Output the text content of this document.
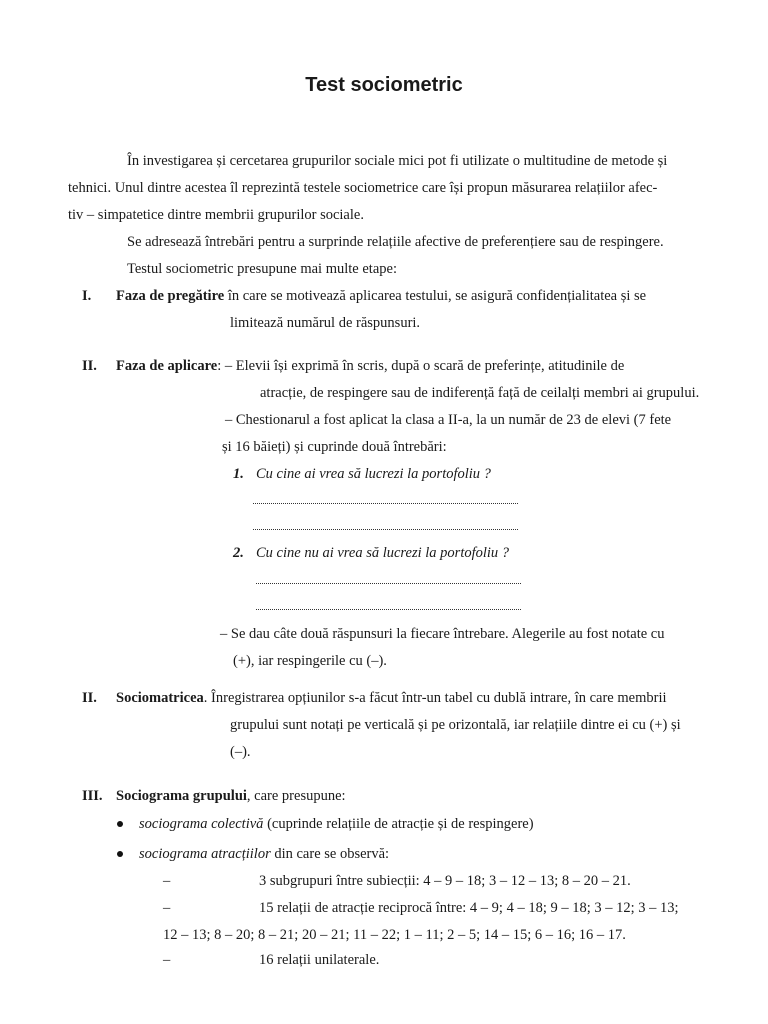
Test sociometric
În investigarea și cercetarea grupurilor sociale mici pot fi utilizate o multitudine de metode și
tehnici. Unul dintre acestea îl reprezintă testele sociometrice care își propun măsurarea relațiilor afec-
tiv – simpatetice dintre membrii grupurilor sociale.
Se adresează întrebări pentru a surprinde relațiile afective de preferențiere sau de respingere.
Testul sociometric presupune mai multe etape:
I. Faza de pregătire în care se motivează aplicarea testului, se asigură confidențialitatea și se
limitează numărul de răspunsuri.
II. Faza de aplicare: – Elevii își exprimă în scris, după o scară de preferințe, atitudinile de
atracție, de respingere sau de indiferență față de ceilalți membri ai grupului.
– Chestionarul a fost aplicat la clasa a II-a, la un număr de 23 de elevi (7 fete
și 16 băieți) și cuprinde două întrebări:
1. Cu cine ai vrea să lucrezi la portofoliu ?
2. Cu cine nu ai vrea să lucrezi la portofoliu ?
– Se dau câte două răspunsuri la fiecare întrebare. Alegerile au fost notate cu
(+), iar respingerile cu (–).
II. Sociomatricea. Înregistrarea opțiunilor s-a făcut într-un tabel cu dublă intrare, în care membrii
grupului sunt notați pe verticală și pe orizontală, iar relațiile dintre ei cu (+) și
(–).
III. Sociograma grupului, care presupune:
sociograma colectivă (cuprinde relațiile de atracție și de respingere)
sociograma atracțiilor din care se observă:
–	3 subgrupuri între subiecții: 4 – 9 – 18; 3 – 12 – 13; 8 – 20 – 21.
–	15 relații de atracție reciprocă între: 4 – 9; 4 – 18; 9 – 18; 3 – 12; 3 – 13;
12 – 13; 8 – 20; 8 – 21; 20 – 21; 11 – 22; 1 – 11; 2 – 5; 14 – 15; 6 – 16; 16 – 17.
–	16 relații unilaterale.
